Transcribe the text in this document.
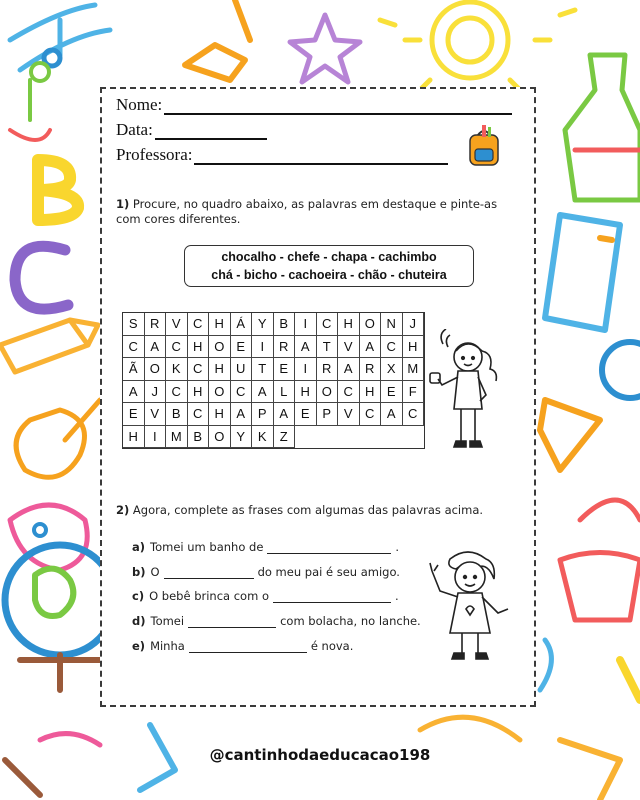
Nome:
Data:
Professora:
1) Procure, no quadro abaixo, as palavras em destaque e pinte-as com cores diferentes.
chocalho - chefe - chapa - cachimbo
chá - bicho - cachoeira - chão - chuteira
S R V C H Á Y B	I	C H O N	J
C A C H O E	I	R A	T	V A C H
Ã O K C H U T	E	I	R A R X M
A	J	C H O C A	L	H O C H E	F
E V B C H A P A E P V C A C
H	I	M B O Y K	Z
2) Agora, complete as frases com algumas das palavras acima.
a) Tomei um banho de	.
b) O	do meu pai é seu amigo.
c) O bebê brinca com o	.
d) Tomei	com bolacha, no lanche.
e) Minha	é nova.
@cantinhodaeducacao198
